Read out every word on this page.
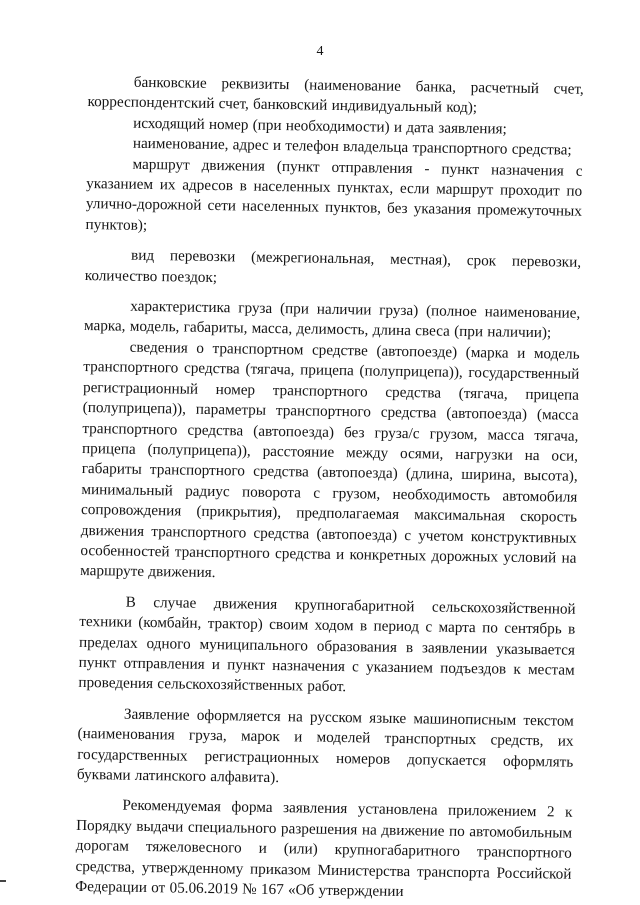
4

банковские реквизиты (наименование банка, расчетный счет, корреспондентский счет, банковский индивидуальный код);

исходящий номер (при необходимости) и дата заявления;

наименование, адрес и телефон владельца транспортного средства;

маршрут движения (пункт отправления - пункт назначения с указанием их адресов в населенных пунктах, если маршрут проходит по улично-дорожной сети населенных пунктов, без указания промежуточных пунктов);

вид перевозки (межрегиональная, местная), срок перевозки, количество поездок;

характеристика груза (при наличии груза) (полное наименование, марка, модель, габариты, масса, делимость, длина свеса (при наличии);

сведения о транспортном средстве (автопоезде) (марка и модель транспортного средства (тягача, прицепа (полуприцепа)), государственный регистрационный номер транспортного средства (тягача, прицепа (полуприцепа)), параметры транспортного средства (автопоезда) (масса транспортного средства (автопоезда) без груза/с грузом, масса тягача, прицепа (полуприцепа)), расстояние между осями, нагрузки на оси, габариты транспортного средства (автопоезда) (длина, ширина, высота), минимальный радиус поворота с грузом, необходимость автомобиля сопровождения (прикрытия), предполагаемая максимальная скорость движения транспортного средства (автопоезда) с учетом конструктивных особенностей транспортного средства и конкретных дорожных условий на маршруте движения.

В случае движения крупногабаритной сельскохозяйственной техники (комбайн, трактор) своим ходом в период с марта по сентябрь в пределах одного муниципального образования в заявлении указывается пункт отправления и пункт назначения с указанием подъездов к местам проведения сельскохозяйственных работ.

Заявление оформляется на русском языке машинописным текстом (наименования груза, марок и моделей транспортных средств, их государственных регистрационных номеров допускается оформлять буквами латинского алфавита).

Рекомендуемая форма заявления установлена приложением 2 к Порядку выдачи специального разрешения на движение по автомобильным дорогам тяжеловесного и (или) крупногабаритного транспортного средства, утвержденному приказом Министерства транспорта Российской Федерации от 05.06.2019 № 167 «Об утверждении
